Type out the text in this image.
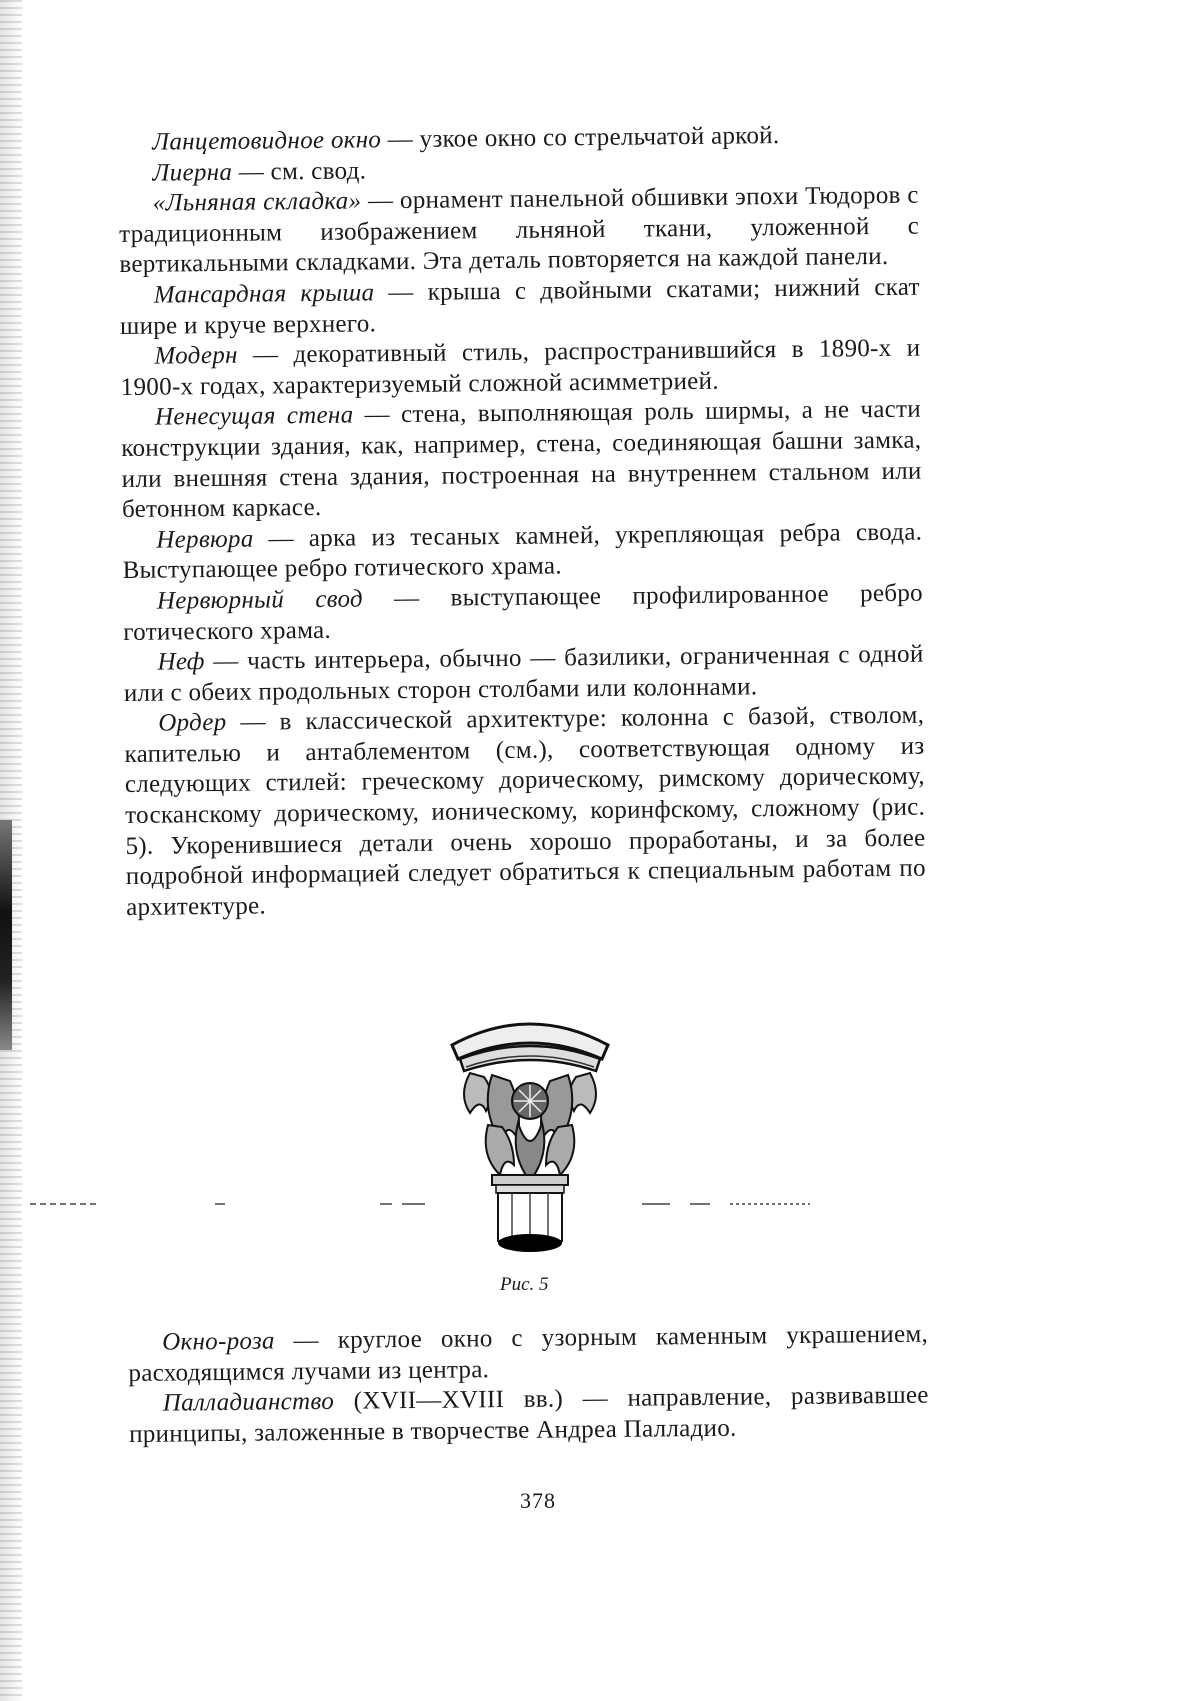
Ланцетовидное окно — узкое окно со стрельчатой аркой.

Лиерна — см. свод.

«Льняная складка» — орнамент панельной обшивки эпохи Тюдоров с традиционным изображением льняной ткани, уложенной с вертикальными складками. Эта деталь повторяется на каждой панели.

Мансардная крыша — крыша с двойными скатами; нижний скат шире и круче верхнего.

Модерн — декоративный стиль, распространившийся в 1890-х и 1900-х годах, характеризуемый сложной асимметрией.

Ненесущая стена — стена, выполняющая роль ширмы, а не части конструкции здания, как, например, стена, соединяющая башни замка, или внешняя стена здания, построенная на внутреннем стальном или бетонном каркасе.

Нервюра — арка из тесаных камней, укрепляющая ребра свода. Выступающее ребро готического храма.

Нервюрный свод — выступающее профилированное ребро готического храма.

Неф — часть интерьера, обычно — базилики, ограниченная с одной или с обеих продольных сторон столбами или колоннами.

Ордер — в классической архитектуре: колонна с базой, стволом, капителью и антаблементом (см.), соответствующая одному из следующих стилей: греческому дорическому, римскому дорическому, тосканскому дорическому, ионическому, коринфскому, сложному (рис. 5). Укоренившиеся детали очень хорошо проработаны, и за более подробной информацией следует обратиться к специальным работам по архитектуре.

Рис. 5

Окно-роза — круглое окно с узорным каменным украшением, расходящимся лучами из центра.

Палладианство (XVII—XVIII вв.) — направление, развивавшее принципы, заложенные в творчестве Андреа Палладио.

378
